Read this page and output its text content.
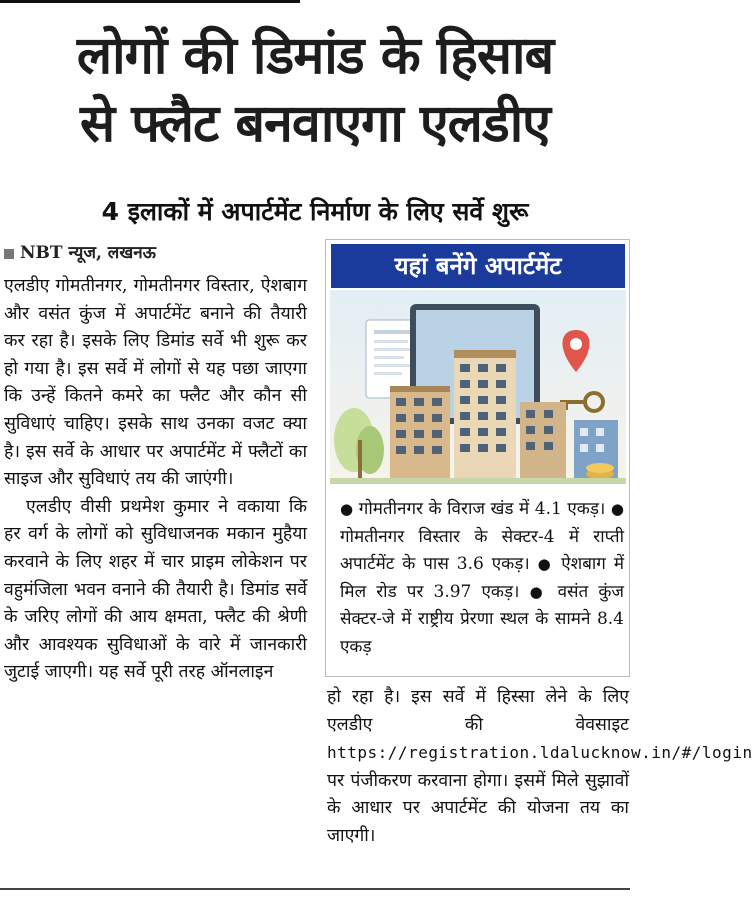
लोगों की डिमांड के हिसाब
से फ्लैट बनवाएगा एलडीए
4 इलाकों में अपार्टमेंट निर्माण के लिए सर्वे शुरू
NBT न्यूज, लखनऊ

एलडीए गोमतीनगर, गोमतीनगर विस्तार, ऐशबाग और वसंत कुंज में अपार्टमेंट बनाने की तैयारी कर रहा है। इसके लिए डिमांड सर्वे भी शुरू कर हो गया है। इस सर्वे में लोगों से यह पछा जाएगा कि उन्हें कितने कमरे का फ्लैट और कौन सी सुविधाएं चाहिए। इसके साथ उनका वजट क्या है। इस सर्वे के आधार पर अपार्टमेंट में फ्लैटों का साइज और सुविधाएं तय की जाएंगी।

एलडीए वीसी प्रथमेश कुमार ने वकाया कि हर वर्ग के लोगों को सुविधाजनक मकान मुहैया करवाने के लिए शहर में चार प्राइम लोकेशन पर वहुमंजिला भवन वनाने की तैयारी है। डिमांड सर्वे के जरिए लोगों की आय क्षमता, फ्लैट की श्रेणी और आवश्यक सुविधाओं के वारे में जानकारी जुटाई जाएगी। यह सर्वे पूरी तरह ऑनलाइन

यहां बनेंगे अपार्टमेंट
● गोमतीनगर के विराज खंड में 4.1 एकड़। ● गोमतीनगर विस्तार के सेक्टर-4 में राप्ती अपार्टमेंट के पास 3.6 एकड़। ● ऐशबाग में मिल रोड पर 3.97 एकड़। ● वसंत कुंज सेक्टर-जे में राष्ट्रीय प्रेरणा स्थल के सामने 8.4 एकड़

हो रहा है। इस सर्वे में हिस्सा लेने के लिए एलडीए की वेवसाइट https://registration.ldalucknow.in/#/login पर पंजीकरण करवाना होगा। इसमें मिले सुझावों के आधार पर अपार्टमेंट की योजना तय का जाएगी।
